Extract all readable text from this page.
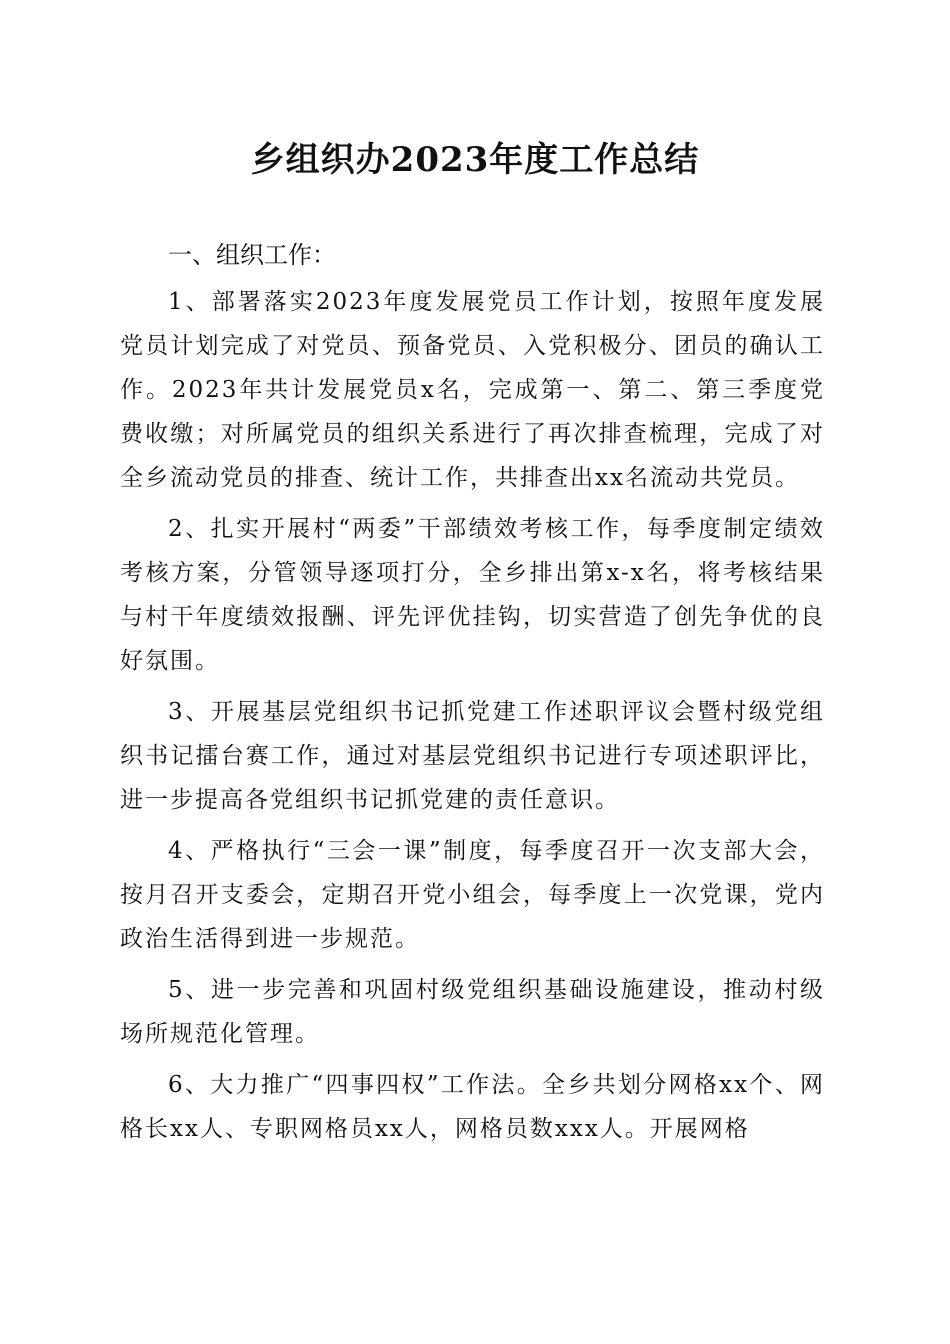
乡组织办2023年度工作总结
一、组织工作：

1、部署落实2023年度发展党员工作计划，按照年度发展党员计划完成了对党员、预备党员、入党积极分、团员的确认工作。2023年共计发展党员x名，完成第一、第二、第三季度党费收缴；对所属党员的组织关系进行了再次排查梳理，完成了对全乡流动党员的排查、统计工作，共排查出xx名流动共党员。

2、扎实开展村“两委”干部绩效考核工作，每季度制定绩效考核方案，分管领导逐项打分，全乡排出第x-x名，将考核结果与村干年度绩效报酬、评先评优挂钩，切实营造了创先争优的良好氛围。

3、开展基层党组织书记抓党建工作述职评议会暨村级党组织书记擂台赛工作，通过对基层党组织书记进行专项述职评比，进一步提高各党组织书记抓党建的责任意识。

4、严格执行“三会一课”制度，每季度召开一次支部大会，按月召开支委会，定期召开党小组会，每季度上一次党课，党内政治生活得到进一步规范。

5、进一步完善和巩固村级党组织基础设施建设，推动村级场所规范化管理。

6、大力推广“四事四权”工作法。全乡共划分网格xx个、网格长xx人、专职网格员xx人，网格员数xxx人。开展网格
